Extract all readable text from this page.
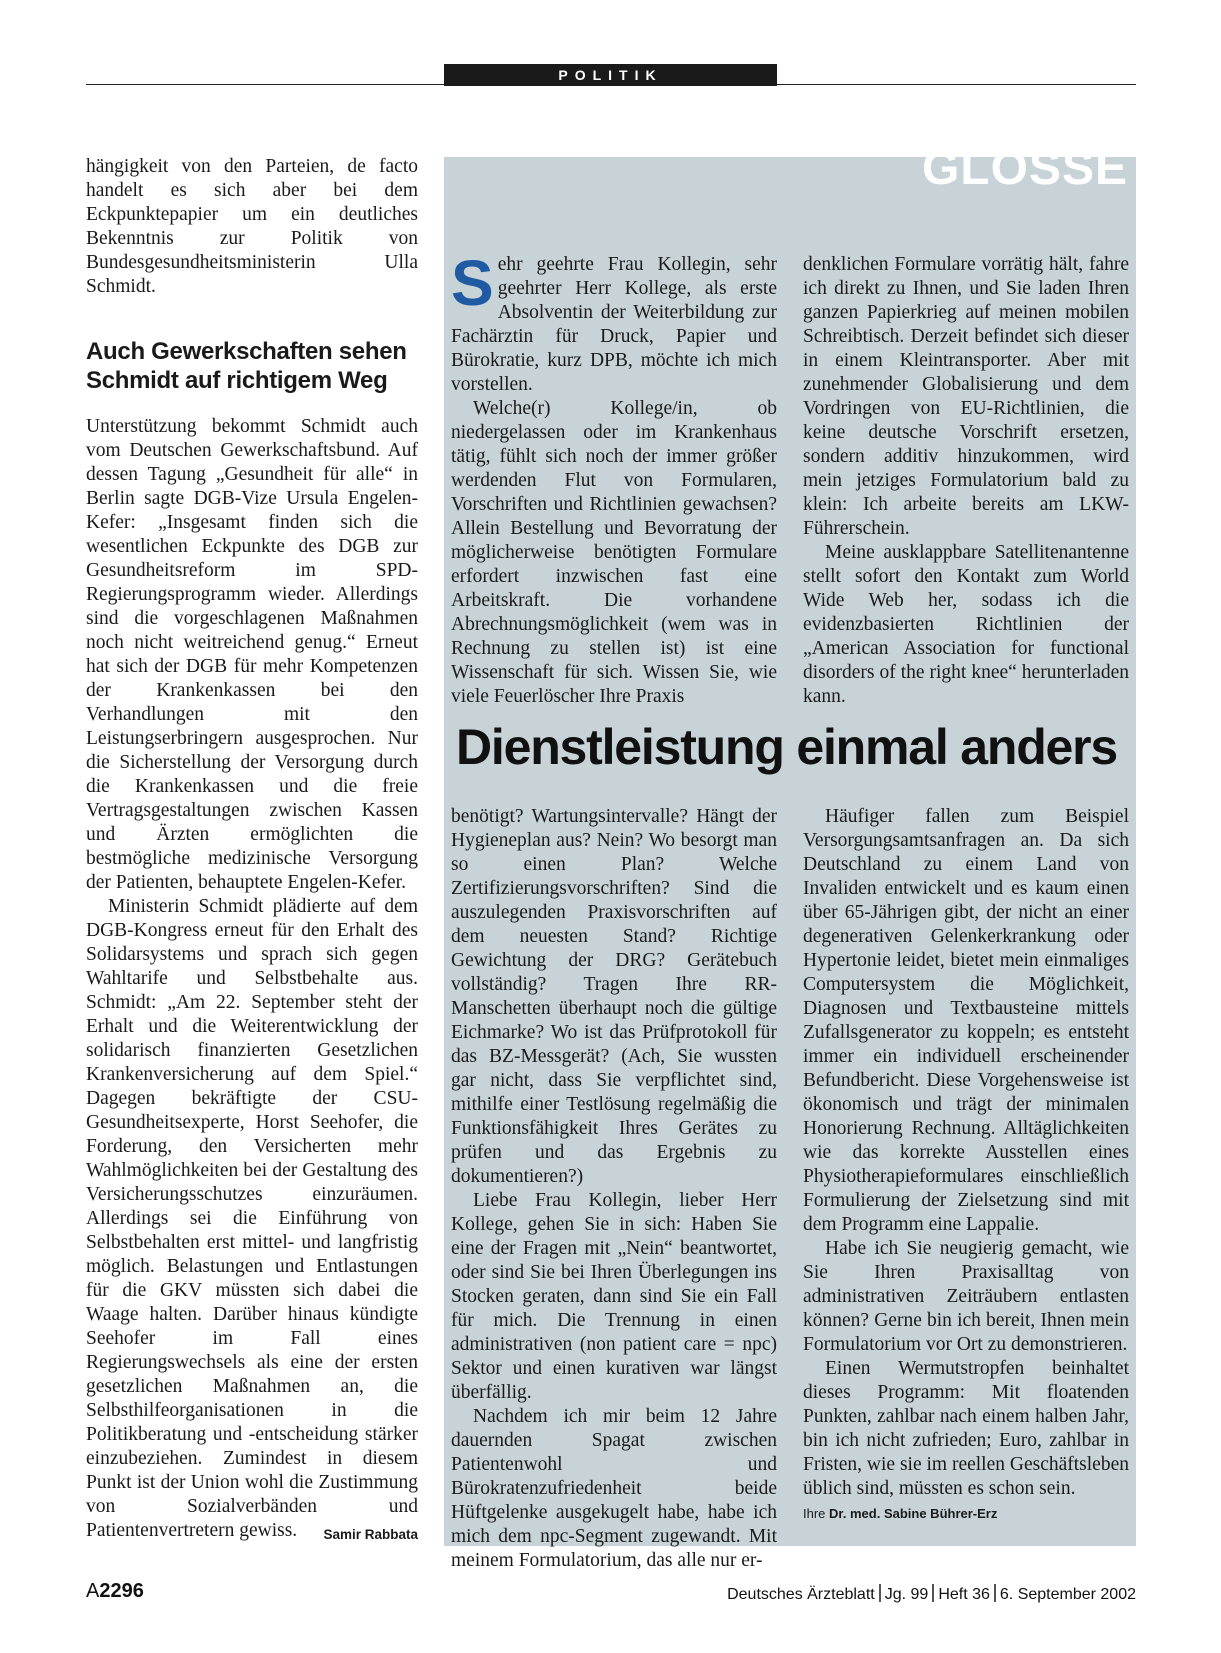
POLITIK

hängigkeit von den Parteien, de facto handelt es sich aber bei dem Eckpunktepapier um ein deutliches Bekenntnis zur Politik von Bundesgesundheitsministerin Ulla Schmidt.

Auch Gewerkschaften sehen Schmidt auf richtigem Weg

Unterstützung bekommt Schmidt auch vom Deutschen Gewerkschaftsbund. Auf dessen Tagung „Gesundheit für alle“ in Berlin sagte DGB-Vize Ursula Engelen-Kefer: „Insgesamt finden sich die wesentlichen Eckpunkte des DGB zur Gesundheitsreform im SPD-Regierungsprogramm wieder. Allerdings sind die vorgeschlagenen Maßnahmen noch nicht weitreichend genug.“ Erneut hat sich der DGB für mehr Kompetenzen der Krankenkassen bei den Verhandlungen mit den Leistungserbringern ausgesprochen. Nur die Sicherstellung der Versorgung durch die Krankenkassen und die freie Vertragsgestaltungen zwischen Kassen und Ärzten ermöglichten die bestmögliche medizinische Versorgung der Patienten, behauptete Engelen-Kefer.

Ministerin Schmidt plädierte auf dem DGB-Kongress erneut für den Erhalt des Solidarsystems und sprach sich gegen Wahltarife und Selbstbehalte aus. Schmidt: „Am 22. September steht der Erhalt und die Weiterentwicklung der solidarisch finanzierten Gesetzlichen Krankenversicherung auf dem Spiel.“ Dagegen bekräftigte der CSU-Gesundheitsexperte, Horst Seehofer, die Forderung, den Versicherten mehr Wahlmöglichkeiten bei der Gestaltung des Versicherungsschutzes einzuräumen. Allerdings sei die Einführung von Selbstbehalten erst mittel- und langfristig möglich. Belastungen und Entlastungen für die GKV müssten sich dabei die Waage halten. Darüber hinaus kündigte Seehofer im Fall eines Regierungswechsels als eine der ersten gesetzlichen Maßnahmen an, die Selbsthilfeorganisationen in die Politikberatung und -entscheidung stärker einzubeziehen. Zumindest in diesem Punkt ist der Union wohl die Zustimmung von Sozialverbänden und Patientenvertretern gewiss.	Samir Rabbata
GLOSSE
Dienstleistung einmal anders

Sehr geehrte Frau Kollegin, sehr geehrter Herr Kollege, als erste Absolventin der Weiterbildung zur Fachärztin für Druck, Papier und Bürokratie, kurz DPB, möchte ich mich vorstellen.

Welche(r) Kollege/in, ob niedergelassen oder im Krankenhaus tätig, fühlt sich noch der immer größer werdenden Flut von Formularen, Vorschriften und Richtlinien gewachsen? Allein Bestellung und Bevorratung der möglicherweise benötigten Formulare erfordert inzwischen fast eine Arbeitskraft. Die vorhandene Abrechnungsmöglichkeit (wem was in Rechnung zu stellen ist) ist eine Wissenschaft für sich. Wissen Sie, wie viele Feuerlöscher Ihre Praxis

denklichen Formulare vorrätig hält, fahre ich direkt zu Ihnen, und Sie laden Ihren ganzen Papierkrieg auf meinen mobilen Schreibtisch. Derzeit befindet sich dieser in einem Kleintransporter. Aber mit zunehmender Globalisierung und dem Vordringen von EU-Richtlinien, die keine deutsche Vorschrift ersetzen, sondern additiv hinzukommen, wird mein jetziges Formulatorium bald zu klein: Ich arbeite bereits am LKW-Führerschein.

Meine ausklappbare Satellitenantenne stellt sofort den Kontakt zum World Wide Web her, sodass ich die evidenzbasierten Richtlinien der „American Association for functional disorders of the right knee“ herunterladen kann.

benötigt? Wartungsintervalle? Hängt der Hygieneplan aus? Nein? Wo besorgt man so einen Plan? Welche Zertifizierungsvorschriften? Sind die auszulegenden Praxisvorschriften auf dem neuesten Stand? Richtige Gewichtung der DRG? Gerätebuch vollständig? Tragen Ihre RR-Manschetten überhaupt noch die gültige Eichmarke? Wo ist das Prüfprotokoll für das BZ-Messgerät? (Ach, Sie wussten gar nicht, dass Sie verpflichtet sind, mithilfe einer Testlösung regelmäßig die Funktionsfähigkeit Ihres Gerätes zu prüfen und das Ergebnis zu dokumentieren?)

Liebe Frau Kollegin, lieber Herr Kollege, gehen Sie in sich: Haben Sie eine der Fragen mit „Nein“ beantwortet, oder sind Sie bei Ihren Überlegungen ins Stocken geraten, dann sind Sie ein Fall für mich. Die Trennung in einen administrativen (non patient care = npc) Sektor und einen kurativen war längst überfällig.

Nachdem ich mir beim 12 Jahre dauernden Spagat zwischen Patientenwohl und Bürokratenzufriedenheit beide Hüftgelenke ausgekugelt habe, habe ich mich dem npc-Segment zugewandt. Mit meinem Formulatorium, das alle nur er-

Häufiger fallen zum Beispiel Versorgungsamtsanfragen an. Da sich Deutschland zu einem Land von Invaliden entwickelt und es kaum einen über 65-Jährigen gibt, der nicht an einer degenerativen Gelenkerkrankung oder Hypertonie leidet, bietet mein einmaliges Computersystem die Möglichkeit, Diagnosen und Textbausteine mittels Zufallsgenerator zu koppeln; es entsteht immer ein individuell erscheinender Befundbericht. Diese Vorgehensweise ist ökonomisch und trägt der minimalen Honorierung Rechnung. Alltäglichkeiten wie das korrekte Ausstellen eines Physiotherapieformulares einschließlich Formulierung der Zielsetzung sind mit dem Programm eine Lappalie.

Habe ich Sie neugierig gemacht, wie Sie Ihren Praxisalltag von administrativen Zeiträubern entlasten können? Gerne bin ich bereit, Ihnen mein Formulatorium vor Ort zu demonstrieren.

Einen Wermutstropfen beinhaltet dieses Programm: Mit floatenden Punkten, zahlbar nach einem halben Jahr, bin ich nicht zufrieden; Euro, zahlbar in Fristen, wie sie im reellen Geschäftsleben üblich sind, müssten es schon sein.

Ihre Dr. med. Sabine Bührer-Erz
A2296	Deutsches Ärzteblatt Jg. 99 Heft 36 6. September 2002
